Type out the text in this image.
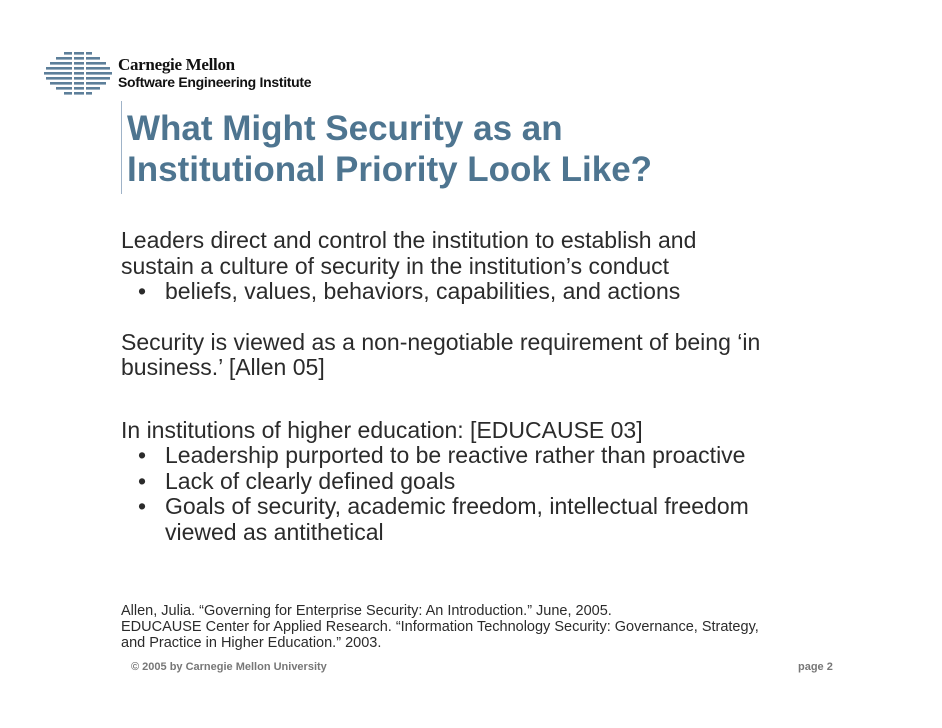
Carnegie Mellon
Software Engineering Institute
What Might Security as an
Institutional Priority Look Like?
Leaders direct and control the institution to establish and
sustain a culture of security in the institution’s conduct
• beliefs, values, behaviors, capabilities, and actions
Security is viewed as a non-negotiable requirement of being ‘in
business.’ [Allen 05]
In institutions of higher education: [EDUCAUSE 03]
• Leadership purported to be reactive rather than proactive
• Lack of clearly defined goals
• Goals of security, academic freedom, intellectual freedom
viewed as antithetical
Allen, Julia. “Governing for Enterprise Security: An Introduction.” June, 2005.
EDUCAUSE Center for Applied Research. “Information Technology Security: Governance, Strategy,
and Practice in Higher Education.” 2003.
© 2005 by Carnegie Mellon University	page 2
